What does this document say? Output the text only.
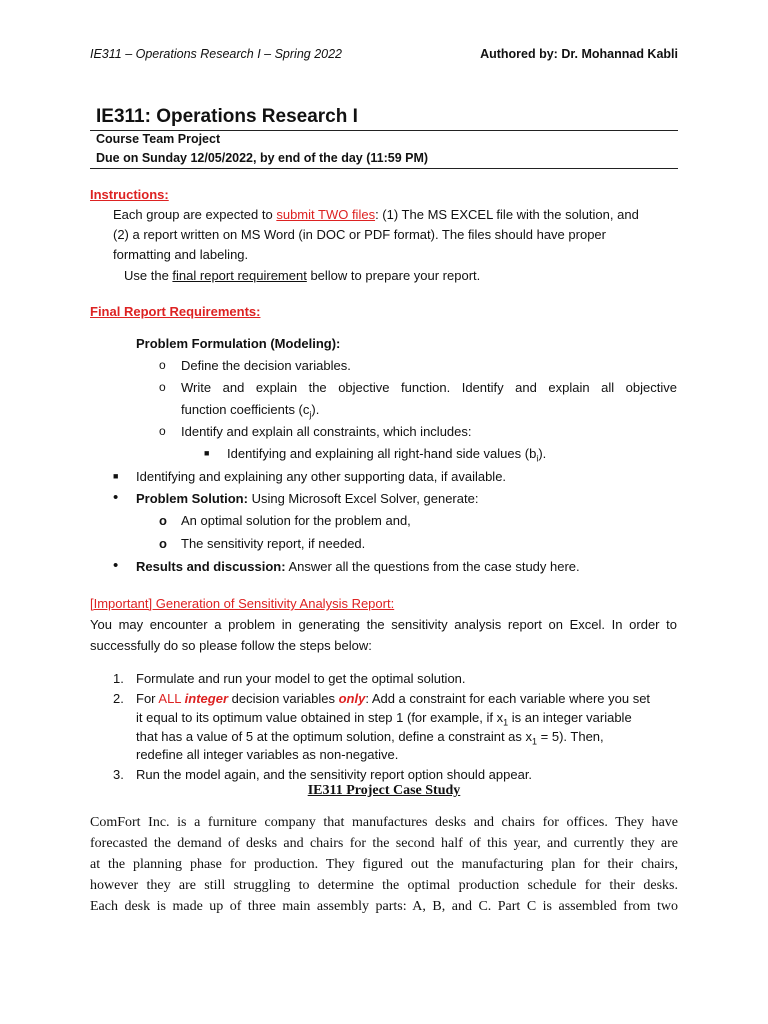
IE311 – Operations Research I – Spring 2022	Authored by: Dr. Mohannad Kabli
IE311: Operations Research I
Course Team Project
Due on Sunday 12/05/2022, by end of the day (11:59 PM)
Instructions:
Each group are expected to submit TWO files: (1) The MS EXCEL file with the solution, and
(2) a report written on MS Word (in DOC or PDF format). The files should have proper
formatting and labeling.
Use the final report requirement bellow to prepare your report.
Final Report Requirements:
Problem Formulation (Modeling):
o Define the decision variables.
o Write and explain the objective function. Identify and explain all objective
function coefficients $(c_j)$.
o Identify and explain all constraints, which includes:
■ Identifying and explaining all right-hand side values $(b_i)$.
■ Identifying and explaining any other supporting data, if available.
• Problem Solution: Using Microsoft Excel Solver, generate:
o An optimal solution for the problem and,
o The sensitivity report, if needed.
• Results and discussion: Answer all the questions from the case study here.
[Important] Generation of Sensitivity Analysis Report:
You may encounter a problem in generating the sensitivity analysis report on Excel. In order to
successfully do so please follow the steps below:
1. Formulate and run your model to get the optimal solution.
2. For ALL integer decision variables only: Add a constraint for each variable where you set
it equal to its optimum value obtained in step 1 (for example, if $x_1$ is an integer variable
that has a value of 5 at the optimum solution, define a constraint as $x_1 = 5$). Then,
redefine all integer variables as non-negative.
3. Run the model again, and the sensitivity report option should appear.
IE311 Project Case Study
ComFort Inc. is a furniture company that manufactures desks and chairs for offices. They have
forecasted the demand of desks and chairs for the second half of this year, and currently they are
at the planning phase for production. They figured out the manufacturing plan for their chairs,
however they are still struggling to determine the optimal production schedule for their desks.
Each desk is made up of three main assembly parts: A, B, and C. Part C is assembled from two
